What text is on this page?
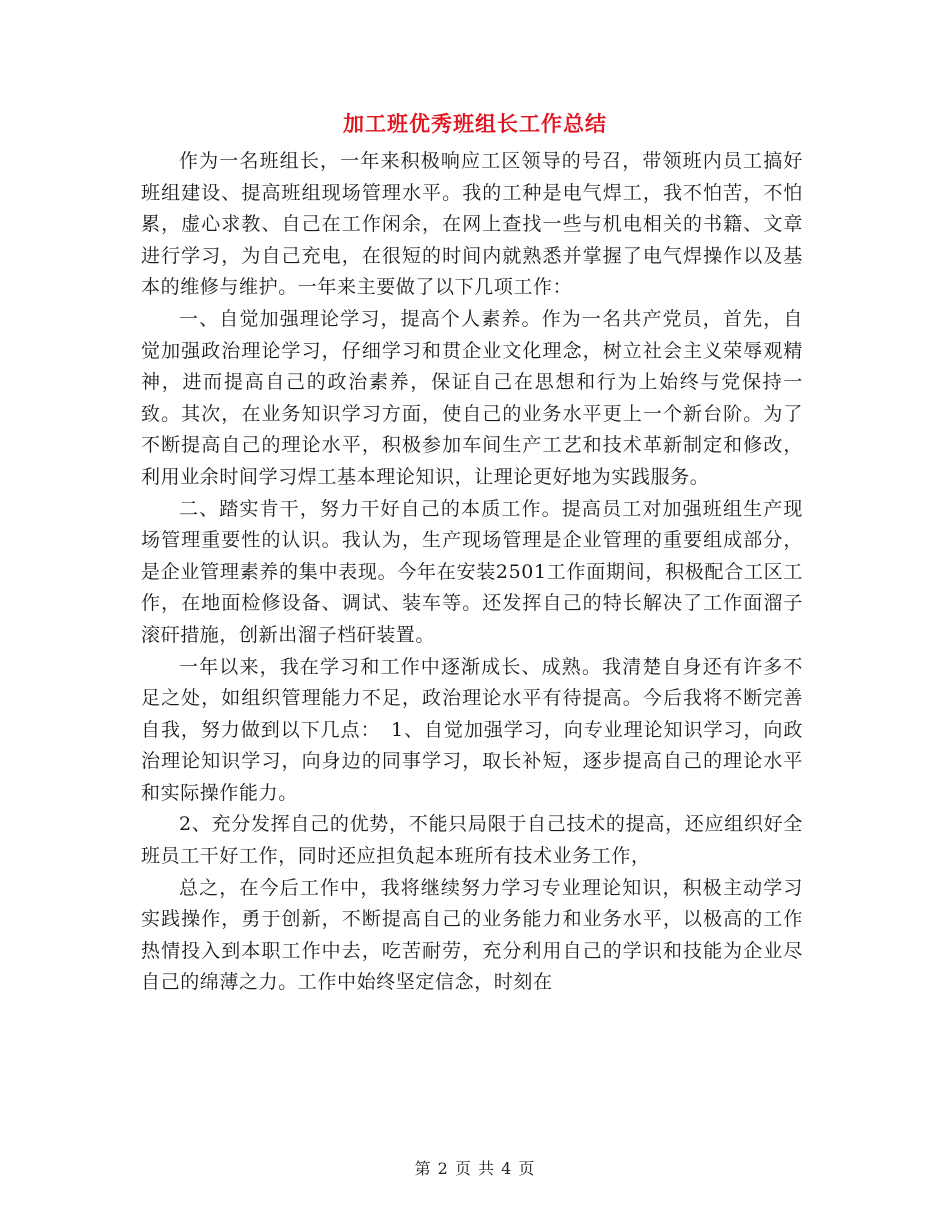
加工班优秀班组长工作总结

作为一名班组长，一年来积极响应工区领导的号召，带领班内员工搞好班组建设、提高班组现场管理水平。我的工种是电气焊工，我不怕苦，不怕累，虚心求教、自己在工作闲余，在网上查找一些与机电相关的书籍、文章进行学习，为自己充电，在很短的时间内就熟悉并掌握了电气焊操作以及基本的维修与维护。一年来主要做了以下几项工作：

一、自觉加强理论学习，提高个人素养。作为一名共产党员，首先，自觉加强政治理论学习，仔细学习和贯企业文化理念，树立社会主义荣辱观精神，进而提高自己的政治素养，保证自己在思想和行为上始终与党保持一致。其次，在业务知识学习方面，使自己的业务水平更上一个新台阶。为了不断提高自己的理论水平，积极参加车间生产工艺和技术革新制定和修改，利用业余时间学习焊工基本理论知识，让理论更好地为实践服务。

二、踏实肯干，努力干好自己的本质工作。提高员工对加强班组生产现场管理重要性的认识。我认为，生产现场管理是企业管理的重要组成部分，是企业管理素养的集中表现。今年在安装2501工作面期间，积极配合工区工作，在地面检修设备、调试、装车等。还发挥自己的特长解决了工作面溜子滚矸措施，创新出溜子档矸装置。

一年以来，我在学习和工作中逐渐成长、成熟。我清楚自身还有许多不足之处，如组织管理能力不足，政治理论水平有待提高。今后我将不断完善自我，努力做到以下几点：　1、自觉加强学习，向专业理论知识学习，向政治理论知识学习，向身边的同事学习，取长补短，逐步提高自己的理论水平和实际操作能力。

2、充分发挥自己的优势，不能只局限于自己技术的提高，还应组织好全班员工干好工作，同时还应担负起本班所有技术业务工作，

总之，在今后工作中，我将继续努力学习专业理论知识，积极主动学习实践操作，勇于创新，不断提高自己的业务能力和业务水平，以极高的工作热情投入到本职工作中去，吃苦耐劳，充分利用自己的学识和技能为企业尽自己的绵薄之力。工作中始终坚定信念，时刻在

第 2 页 共 4 页
